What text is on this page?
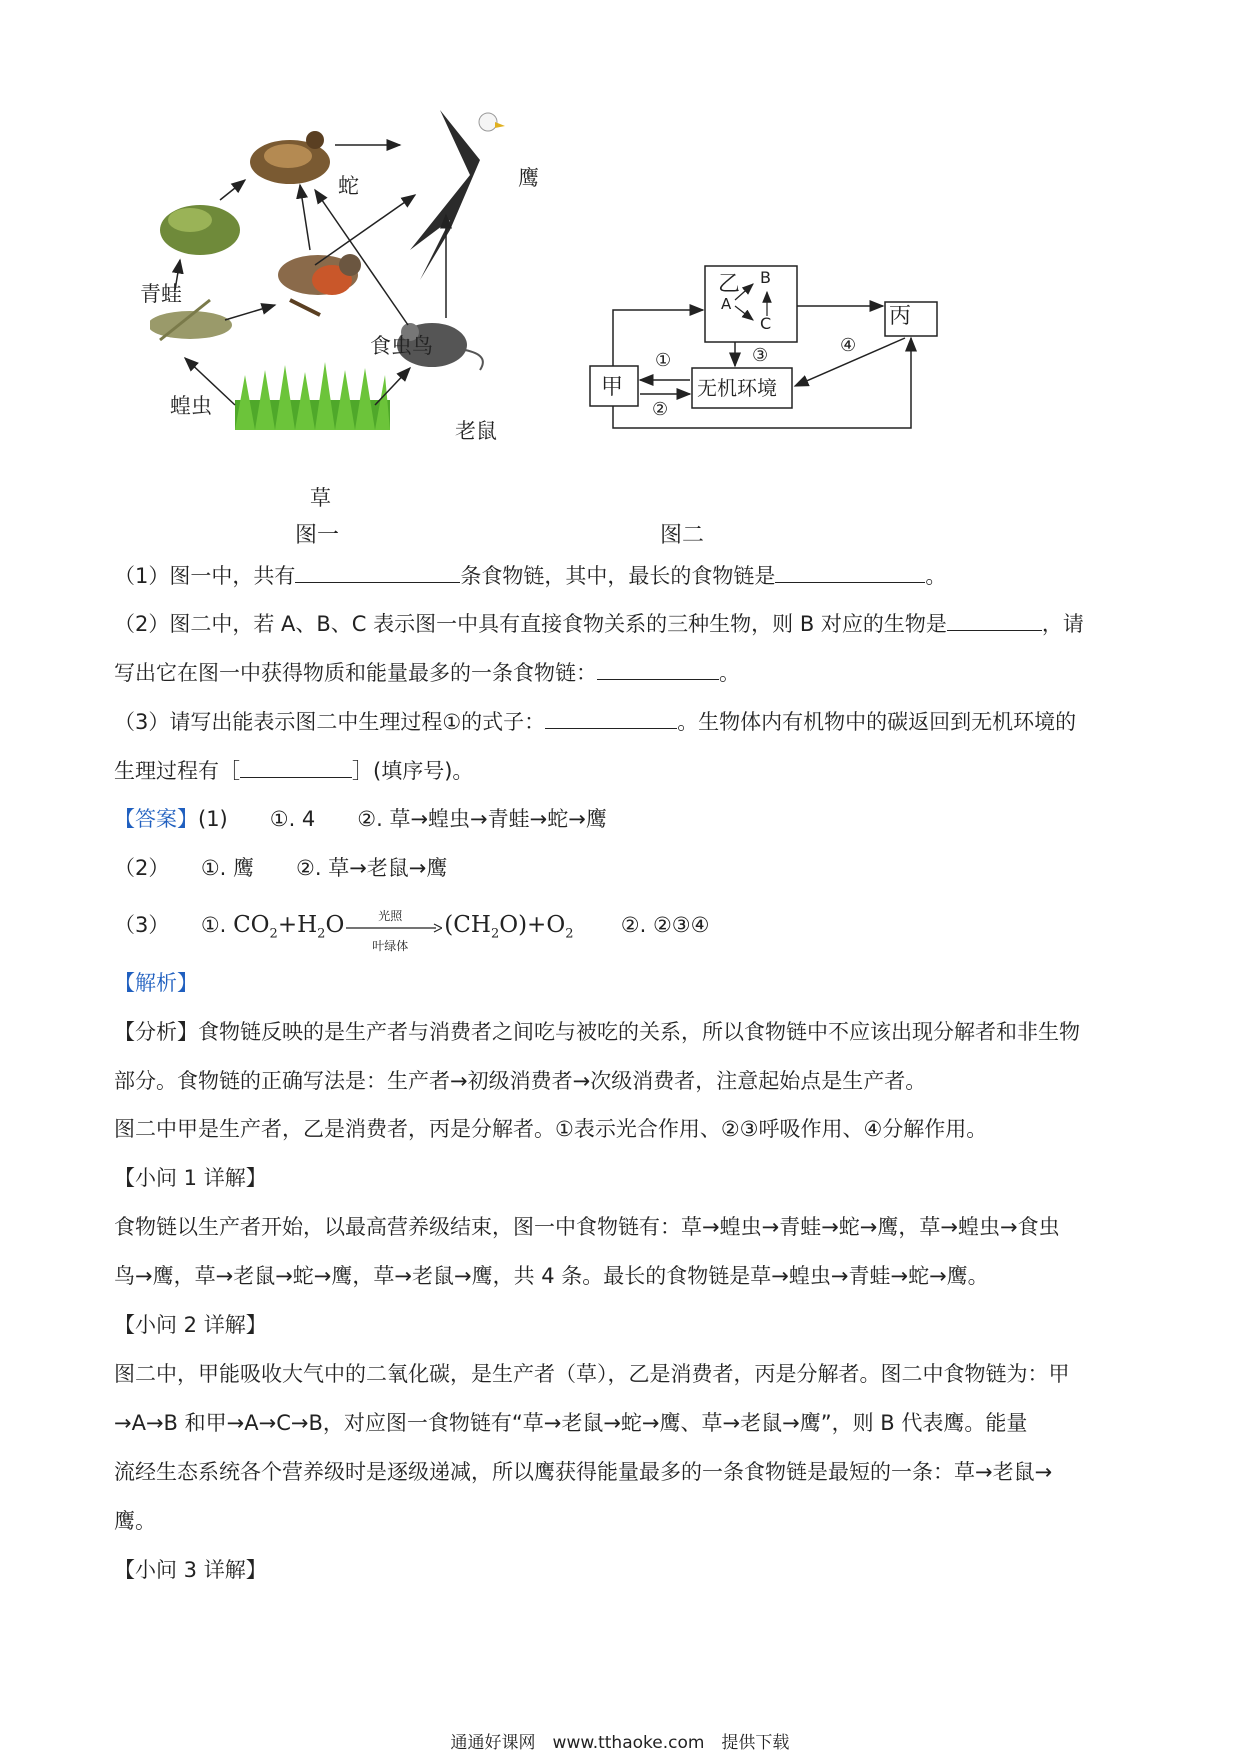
蛇	鹰
青蛙
食虫鸟
蝗虫
老鼠
草
图一
乙
A
B
C	丙
甲	无机环境
①
②
③	④
图二
（1）图一中，共有	条食物链，其中，最长的食物链是	。
（2）图二中，若 A、B、C 表示图一中具有直接食物关系的三种生物，则 B 对应的生物是	，请
写出它在图一中获得物质和能量最多的一条食物链：	。
（3）请写出能表示图二中生理过程①的式子：	。生物体内有机物中的碳返回到无机环境的
生理过程有［	］(填序号)。
【答案】(1)　　①. 4　　②. 草→蝗虫→青蛙→蛇→鹰
（2）　　①. 鹰　　②. 草→老鼠→鹰
（3）　　①. $CO_2+H_2O$	光照
叶绿体
$(CH_2O)+O_2$ ②. ②③④
【解析】
【分析】食物链反映的是生产者与消费者之间吃与被吃的关系，所以食物链中不应该出现分解者和非生物
部分。食物链的正确写法是：生产者→初级消费者→次级消费者，注意起始点是生产者。
图二中甲是生产者，乙是消费者，丙是分解者。①表示光合作用、②③呼吸作用、④分解作用。
【小问 1 详解】
食物链以生产者开始，以最高营养级结束，图一中食物链有：草→蝗虫→青蛙→蛇→鹰，草→蝗虫→食虫
鸟→鹰，草→老鼠→蛇→鹰，草→老鼠→鹰，共 4 条。最长的食物链是草→蝗虫→青蛙→蛇→鹰。
【小问 2 详解】
图二中，甲能吸收大气中的二氧化碳，是生产者（草），乙是消费者，丙是分解者。图二中食物链为：甲
→A→B 和甲→A→C→B，对应图一食物链有“草→老鼠→蛇→鹰、草→老鼠→鹰”，则 B 代表鹰。能量
流经生态系统各个营养级时是逐级递减，所以鹰获得能量最多的一条食物链是最短的一条：草→老鼠→
鹰。
【小问 3 详解】
通通好课网　www.tthaoke.com　提供下载
